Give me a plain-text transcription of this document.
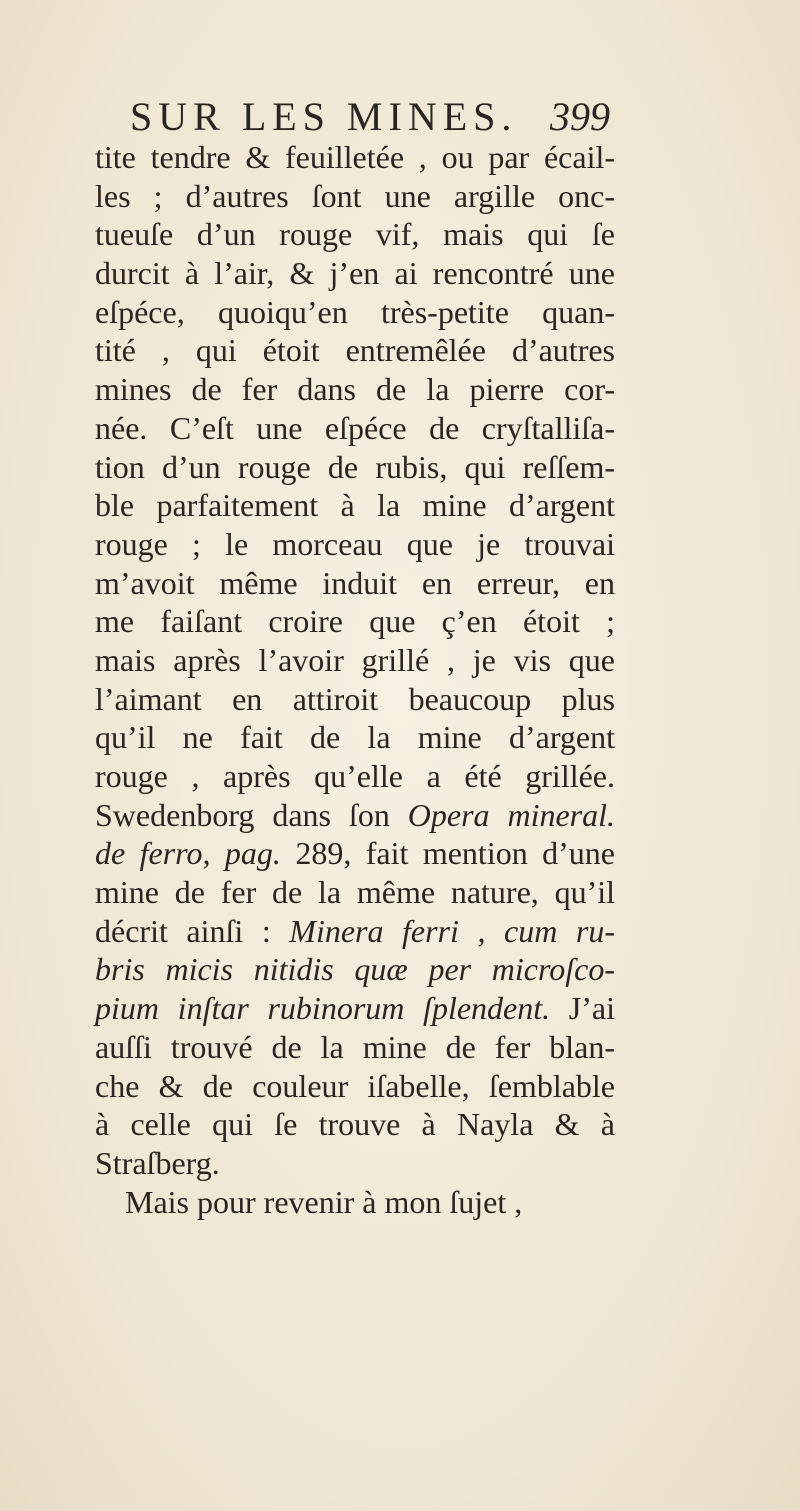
SUR LES MINES. 399
tite tendre & feuilletée , ou par écail-
les ; d’autres ſont une argille onc-
tueuſe d’un rouge vif, mais qui ſe
durcit à l’air, & j’en ai rencontré une
eſpéce, quoiqu’en très-petite quan-
tité , qui étoit entremêlée d’autres
mines de fer dans de la pierre cor-
née. C’eſt une eſpéce de cryſtalliſa-
tion d’un rouge de rubis, qui reſſem-
ble parfaitement à la mine d’argent
rouge ; le morceau que je trouvai
m’avoit même induit en erreur, en
me faiſant croire que ç’en étoit ;
mais après l’avoir grillé , je vis que
l’aimant en attiroit beaucoup plus
qu’il ne fait de la mine d’argent
rouge , après qu’elle a été grillée.
Swedenborg dans ſon Opera mineral.
de ferro, pag. 289, fait mention d’une
mine de fer de la même nature, qu’il
décrit ainſi : Minera ferri , cum ru-
bris micis nitidis quæ per microſco-
pium inſtar rubinorum ſplendent. J’ai
auſſi trouvé de la mine de fer blan-
che & de couleur iſabelle, ſemblable
à celle qui ſe trouve à Nayla & à
Straſberg.
Mais pour revenir à mon ſujet ,
